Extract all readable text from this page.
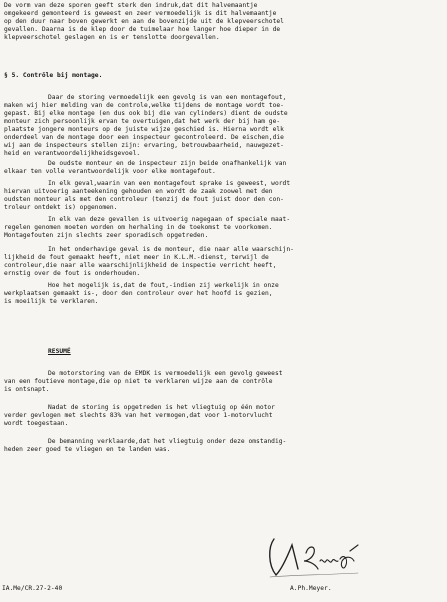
De vorm van deze sporen geeft sterk den indruk,dat dit halvemaantje
omgekeerd gemonteerd is geweest en zeer vermoedelijk is dit halvemaantje
op den duur naar boven gewerkt en aan de bovenzijde uit de klepveerschotel
gevallen. Daarna is de klep door de tuimelaar hoe langer hoe dieper in de
klepveerschotel geslagen en is er tenslotte doorgevallen.
§ 5. Contrôle bij montage.
Daar de storing vermoedelijk een gevolg is van een montagefout,
maken wij hier melding van de controle,welke tijdens de montage wordt toe-
gepast. Bij elke montage (en dus ook bij die van cylinders) dient de oudste
monteur zich persoonlijk ervan te overtuigen,dat het werk der bij ham ge-
plaatste jongere monteurs op de juiste wijze geschied is. Hierna wordt elk
onderdeel van de montage door een inspecteur gecontroleerd. De eischen,die
wij aan de inspecteurs stellen zijn: ervaring, betrouwbaarheid, nauwgezet-
heid en verantwoordelijkheidsgevoel.
De oudste monteur en de inspecteur zijn beide onafhankelijk van
elkaar ten volle verantwoordelijk voor elke montagefout.
In elk geval,waarin van een montagefout sprake is geweest, wordt
hiervan uitvoerig aanteekening gehouden en wordt de zaak zoowel met den
oudsten monteur als met den controleur (tenzij de fout juist door den con-
troleur ontdekt is) opgenomen.
In elk van deze gevallen is uitvoerig nagegaan of speciale maat-
regelen genomen moeten worden om herhaling in de toekomst te voorkomen.
Montagefouten zijn slechts zeer sporadisch opgetreden.
In het onderhavige geval is de monteur, die naar alle waarschijn-
lijkheid de fout gemaakt heeft, niet meer in K.L.M.-dienst, terwijl de
controleur,die naar alle waarschijnlijkheid de inspectie verricht heeft,
ernstig over de fout is onderhouden.
Hoe het mogelijk is,dat de fout,-indien zij werkelijk in onze
werkplaatsen gemaakt is-, door den controleur over het hoofd is gezien,
is moeilijk te verklaren.
RESUMÉ
De motorstoring van de EMDK is vermoedelijk een gevolg geweest
van een foutieve montage,die op niet te verklaren wijze aan de contrôle
is ontsnapt.
Nadat de storing is opgetreden is het vliegtuig op één motor
verder gevlogen met slechts 83% van het vermogen,dat voor 1-motorvlucht
wordt toegestaan.
De bemanning verklaarde,dat het vliegtuig onder deze omstandig-
heden zeer goed te vliegen en te landen was.
A.Ph.Meyer.
IA.Me/CR.27-2-40
